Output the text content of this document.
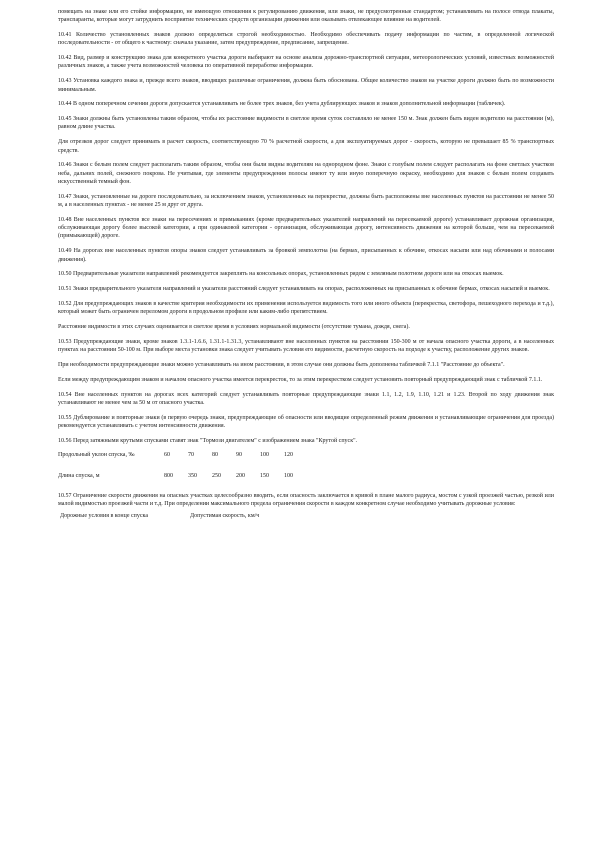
помещать на знаке или его стойке информацию, не имеющую отношения к регулированию движения, или знаки, не предусмотренные стандартом; устанавливать на полосе отвода плакаты, транспаранты, которые могут затруднить восприятие технических средств организации движения или оказывать отвлекающее влияние на водителей.

10.41 Количество установленных знаков должно определяться строгой необходимостью. Необходимо обеспечивать подачу информации по частям, в определенной логической последовательности - от общего к частному: сначала указание, затем предупреждение, предписание, запрещение.

10.42 Вид, размер и конструкцию знака для конкретного участка дороги выбирают на основе анализа дорожно-транспортной ситуации, метеорологических условий, известных возможностей различных знаков, а также учета возможностей человека по оперативной переработке информации.

10.43 Установка каждого знака и, прежде всего знаков, вводящих различные ограничения, должна быть обоснована. Общее количество знаков на участке дороги должно быть по возможности минимальным.

10.44 В одном поперечном сечении дороги допускается устанавливать не более трех знаков, без учета дублирующих знаков и знаков дополнительной информации (табличек).

10.45 Знаки должны быть установлены таким образом, чтобы их расстояние видимости в светлое время суток составляло не менее 150 м. Знак должен быть виден водителю на расстоянии (м), равном длине участка.

Для отрезков дорог следует принимать в расчет скорость, соответствующую 70 % расчетной скорости, а для эксплуатируемых дорог - скорость, которую не превышает 85 % транспортных средств.

10.46 Знаки с белым полем следует располагать таким образом, чтобы они были видны водителям на однородном фоне. Знаки с голубым полем следует располагать на фоне светлых участков неба, дальних полей, снежного покрова. Не учитывая, где элементы предупреждения полосы имеют ту или иную поперечную окраску, необходимо для знаков с белым полем создавать искусственный темный фон.

10.47 Знаки, установленные на дороге последовательно, за исключением знаков, установленных на перекрестке, должны быть расположены вне населенных пунктов на расстоянии не менее 50 м, а в населенных пунктах - не менее 25 м друг от друга.

10.48 Вне населенных пунктов все знаки на пересечениях и примыканиях (кроме предварительных указателей направлений на пересекаемой дороге) устанавливает дорожная организация, обслуживающая дорогу более высокой категории, а при одинаковой категории - организация, обслуживающая дорогу, интенсивность движения на которой больше, чем на пересекаемой (примыкающей) дороге.

10.49 На дорогах вне населенных пунктов опоры знаков следует устанавливать за бровкой земполотна (на бермах, присыпанных к обочине, откосах насыпи или над обочинами и полосами движения).

10.50 Предварительные указатели направлений рекомендуется закреплять на консольных опорах, установленных рядом с земляным полотном дороги или на откосах выемок.

10.51 Знаки предварительного указателя направлений и указатели расстояний следует устанавливать на опорах, расположенных на присыпанных к обочине бермах, откосах насыпей и выемок.

10.52 Для предупреждающих знаков в качестве критерия необходимости их применения используется видимость того или иного объекта (перекрестка, светофора, пешеходного перехода и т.д.), который может быть ограничен переломом дороги в продольном профиле или каким-либо препятствием.

Расстояние видимости в этих случаях оценивается в светлое время в условиях нормальной видимости (отсутствие тумана, дождя, снега).

10.53 Предупреждающие знаки, кроме знаков 1.3.1-1.6.6, 1.31.1-1.31.3, устанавливают вне населенных пунктов на расстоянии 150-300 м от начала опасного участка дороги, а в населенных пунктах на расстоянии 50-100 м. При выборе места установки знака следует учитывать условия его видимости, расчетную скорость на подходе к участку, расположение других знаков.

При необходимости предупреждающие знаки можно устанавливать на ином расстоянии, в этом случае они должны быть дополнены табличкой 7.1.1 "Расстояние до объекта".

Если между предупреждающим знаком и началом опасного участка имеется перекресток, то за этим перекрестком следует установить повторный предупреждающий знак с табличкой 7.1.1.

10.54 Вне населенных пунктов на дорогах всех категорий следует устанавливать повторные предупреждающие знаки 1.1, 1.2, 1.9, 1.10, 1.21 и 1.23. Второй по ходу движения знак устанавливают не менее чем за 50 м от опасного участка.

10.55 Дублирование и повторные знаки (в первую очередь знаки, предупреждающие об опасности или вводящие определенный режим движения и устанавливающие ограничения для проезда) рекомендуется устанавливать с учетом интенсивности движения.

10.56 Перед затяжными крутыми спусками ставят знак "Тормози двигателем" с изображением знака "Крутой спуск".

Продольный уклон спуска, ‰	60	70	80	90	100	120
Длина спуска, м	800	350	250	200	150	100

10.57 Ограничение скорости движения на опасных участках целесообразно вводить, если опасность заключается в кривой в плане малого радиуса, мостом с узкой проезжей частью, резкой или малой видимостью проезжей части и т.д. При определении максимального предела ограничения скорости в каждом конкретном случае необходимо учитывать дорожные условия:

Дорожные условия в конце спуска	Допустимая скорость, км/ч
